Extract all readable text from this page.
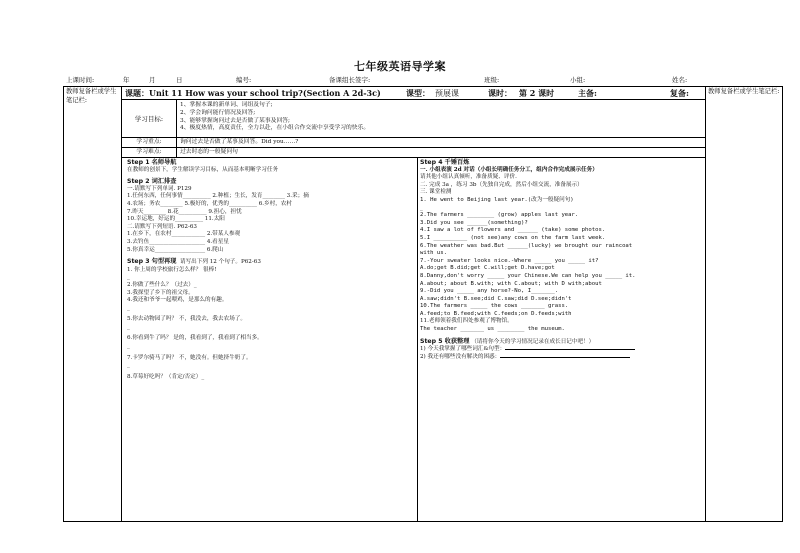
七年级英语导学案
上课时间:	年	月	日	编号:	备课组长签字:	班级:	小组:	姓名:
教师复备栏或学生笔记栏:
教师复备栏或学生笔记栏:
课题：Unit 11 How was your school trip?(Section A 2d-3c)	课型： 预展课	课时： 第 2 课时	主备:	复备:
学习目标:
1、掌握本课的新单词、词组及句子;
2、学会询问能行情况及回答;
3、能够掌握询问过去是否做了某事及回答;
4、极度热情，高度责任，全力以赴，在小组合作交流中享受学习的快乐。
学习重点:	询问过去是否做了某事及回答。Did you……?
学习难点:	过去时态的一般疑问句
Step 1 名师导航
在教师的创景下，学生解读学习目标，从而基本明晰学习任务
Step 2 词汇排查
一.请默写下列单词. P129
1.任何东西，任何事情__________ 2.种植；生长，发育________ 3.采；摘
4.农场；务农________ 5.极好的，优秀的__________ 6.乡村，农村
7.昨天________ 8.花__________ 9.担心，担忧
10.幸运地，好运的__________ 11.太阳
二.请默写下列短语. P62-63
1.在乡下，在农村____________ 2.带某人参观
3.去钓鱼____________________ 4.看星星
5.你真幸运__________________ 6.爬山
Step 3 句型再现 请写出下列 12 个句子。P62-63
1. 你上周的学校旅行怎么样？ 很棒!
_
2.你做了些什么？（过去）_
3.我探望了乡下的祖父母。
4.我还和爷爷一起喂鸡，是那么的有趣。
_
5.你去动物园了吗？ 不，我没去，我去农场了。
_
6.你看到牛了吗？ 是的，我看到了，我看到了相当多。
_
7.卡罗尔骑马了吗？ 不，她没有。但她挤牛奶了。
_
8.草莓好吃吗？（肯定/否定）_
Step 4 千锤百炼
一. 小组表演 2d 对话（小组长明确任务分工，组内合作完成展示任务）
请其他小组认真倾听，准备质疑、评价.
二. 完成 3a ，练习 3b（先独自完成，然后小组交流，准备展示）
三. 课堂检测
1. He went to Beijing last year.(改为一般疑问句)
_
2.The farmers ________ (grow) apples last year.
3.Did you see ______(something)?
4.I saw a lot of flowers and ______ (take) some photos.
5.I __________ (not see)any cows on the farm last week.
6.The weather was bad.But ______(lucky) we brought our raincoat
with us.
7.-Your sweater looks nice.-Where _____ you _____ it?
A.do;get B.did;get C.will;get D.have;got
8.Danny,don't worry _____ your Chinese.We can help you _____ it.
A.about; about B.with; with C.about; with D with;about
9.-Did you _____ any horse?-No, I_______.
A.saw;didn't B.see;did C.saw;did D.see;didn't
10.The farmers _____ the cows _______ grass.
A.feed;to B.feed;with C.feeds;on D.feeds;with
11.老师领着我们四处参观了博物馆。
The teacher _______ us ________ the museum.
Step 5 收获整理 （请将你今天的学习情况记录在成长日记中吧！）
1) 今天我掌握了哪些词汇&句型：
2) 我还有哪些没有解决的困惑：
